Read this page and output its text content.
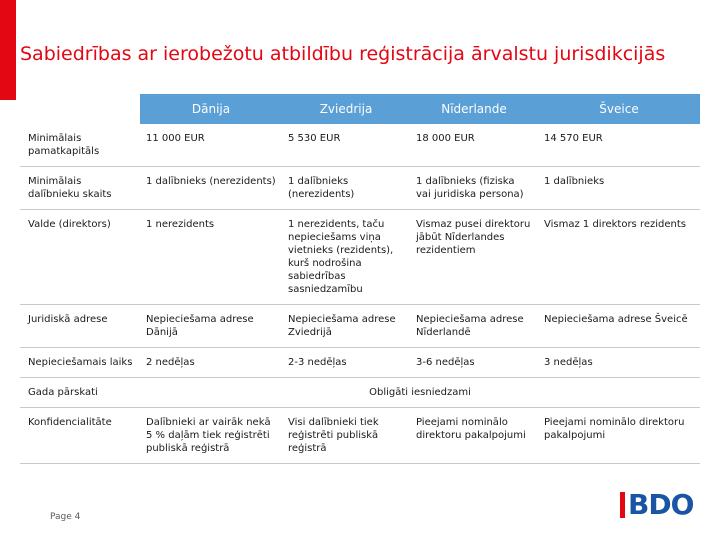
Sabiedrības ar ierobežotu atbildību reģistrācija ārvalstu jurisdikcijās
	Dānija	Zviedrija	Nīderlande	Šveice
Minimālais pamatkapitāls	11 000 EUR	5 530 EUR	18 000 EUR	14 570 EUR
Minimālais dalībnieku skaits	1 dalībnieks (nerezidents)	1 dalībnieks (nerezidents)	1 dalībnieks (fiziska vai juridiska persona)	1 dalībnieks
Valde (direktors)	1 nerezidents	1 nerezidents, taču nepieciešams viņa vietnieks (rezidents), kurš nodrošina sabiedrības sasniedzamību	Vismaz pusei direktoru jābūt Nīderlandes rezidentiem	Vismaz 1 direktors rezidents
Juridiskā adrese	Nepieciešama adrese Dānijā	Nepieciešama adrese Zviedrijā	Nepieciešama adrese Nīderlandē	Nepieciešama adrese Šveicē
Nepieciešamais laiks	2 nedēļas	2-3 nedēļas	3-6 nedēļas	3 nedēļas
Gada pārskati	Obligāti iesniedzami			
Konfidencialitāte	Dalībnieki ar vairāk nekā 5 % daļām tiek reģistrēti publiskā reģistrā	Visi dalībnieki tiek reģistrēti publiskā reģistrā	Pieejami nominālo direktoru pakalpojumi	Pieejami nominālo direktoru pakalpojumi
Page 4	BDO
